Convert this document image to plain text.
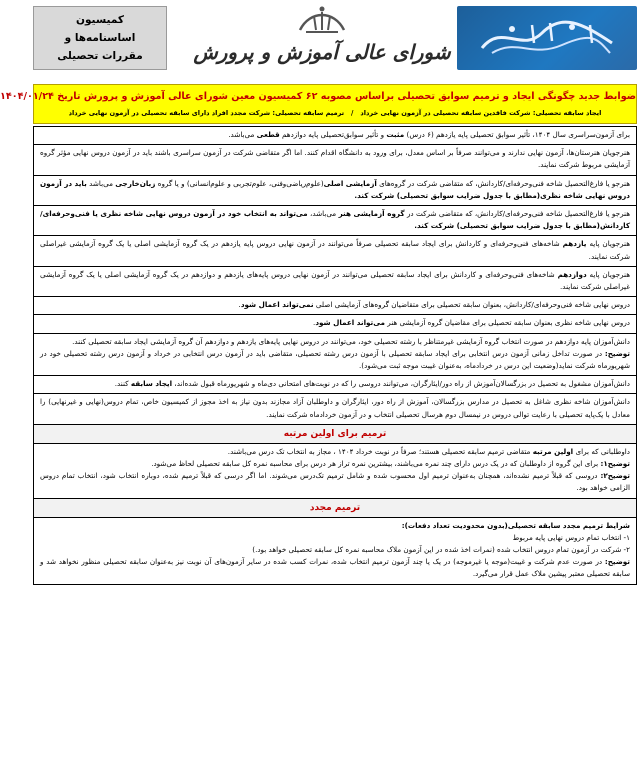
شورای عالی آموزش و پرورش
کمیسیون
اساسنامه‌ها و
مقررات تحصیلی
ضوابط جدید چگونگی ایجاد و ترمیم سوابق تحصیلی براساس مصوبه ۶۲ کمیسیون معین شورای عالی آموزش و پرورش تاریخ ۱۴۰۴/۰۱/۲۴
ایجاد سابقه تحصیلی: شرکت فاقدین سابقه تحصیلی در آزمون نهایی خرداد   /   ترمیم سابقه تحصیلی: شرکت مجدد افراد دارای سابقه تحصیلی در آزمون نهایی خرداد
برای آزمون‌سراسری سال ۱۴۰۴، تأثیر سوابق تحصیلی پایه یازدهم (۶ درس) مثبت و تأثیر سوابق‌تحصیلی پایه دوازدهم قطعی می‌باشد.
هنرجویان هنرستان‌ها، آزمون نهایی ندارند و می‌توانند صرفاً بر اساس معدل، برای ورود به دانشگاه اقدام کنند. اما اگر متقاضی شرکت در آزمون سراسری باشند باید در آزمون دروس نهایی مؤثر گروه آزمایشی مربوط شرکت نمایند.
هنرجو یا فارغ‌التحصیل شاخه فنی‌وحرفه‌ای/کاردانش، که متقاضی شرکت در گروه‌های آزمایشی اصلی(علوم‌ریاضی‌وفنی، علوم‌تجربی و علوم‌انسانی) و یا گروه زبان‌خارجی می‌باشد باید در آزمون دروس نهایی شاخه نظری(مطابق با جدول ضرایب سوابق تحصیلی) شرکت کند.
هنرجو یا فارغ‌التحصیل شاخه فنی‌وحرفه‌ای/کاردانش، که متقاضی شرکت در گروه آزمایشی هنر می‌باشد، می‌تواند به انتخاب خود در آزمون دروس نهایی شاخه نظری یا فنی‌وحرفه‌ای/کاردانش(مطابق با جدول ضرایب سوابق تحصیلی) شرکت کند.
هنرجویان پایه یازدهم شاخه‌های فنی‌وحرفه‌ای و کاردانش برای ایجاد سابقه تحصیلی صرفاً می‌توانند در آزمون نهایی دروس پایه یازدهم در یک گروه آزمایشی اصلی یا یک گروه آزمایشی غیراصلی شرکت نمایند.
هنرجویان پایه دوازدهم شاخه‌های فنی‌وحرفه‌ای و کاردانش برای ایجاد سابقه تحصیلی می‌توانند در آزمون نهایی دروس پایه‌های یازدهم و دوازدهم در یک گروه آزمایشی اصلی یا یک گروه آزمایشی غیراصلی شرکت نمایند.
دروس نهایی شاخه فنی‌وحرفه‌ای/کاردانش، بعنوان سابقه تحصیلی برای متقاضیان گروه‌های آزمایشی اصلی نمی‌تواند اعمال شود.
دروس نهایی شاخه نظری بعنوان سابقه تحصیلی برای مقاضیان گروه آزمایشی هنر می‌تواند اعمال شود.
دانش‌آموزان پایه دوازدهم در صورت انتخاب گروه آزمایشی غیرمتناظر با رشته تحصیلی خود، می‌توانند در دروس نهایی پایه‌های یازدهم و دوازدهم آن گروه آزمایشی ایجاد سابقه تحصیلی کنند.
توضیح: در صورت تداخل زمانی آزمون درس انتخابی برای ایجاد سابقه تحصیلی با آزمون درس رشته تحصیلی، متقاضی باید در آزمون درس انتخابی در خرداد و آزمون درس رشته تحصیلی خود در شهریورماه شرکت نماید(وضعیت این درس در خردادماه، به‌عنوان غیبت موجه ثبت می‌شود).
دانش‌آموزان مشغول به تحصیل در بزرگسالان‌آموزش از راه دور/ایثارگران، می‌توانند دروسی را که در نوبت‌های امتحانی دی‌ماه و شهریورماه قبول شده‌اند، ایجاد سابقه کنند.
دانش‌آموزان شاخه نظری شاغل به تحصیل در مدارس بزرگسالان، آموزش از راه دور، ایثارگران و داوطلبان آزاد مجازند بدون نیاز به اخذ مجوز از کمیسیون خاص، تمام دروس(نهایی و غیرنهایی) را معادل با یک‌پایه تحصیلی با رعایت توالی دروس در نیمسال دوم هرسال تحصیلی انتخاب و در آزمون خردادماه شرکت نمایند.
ترمیم برای اولین مرتبه
داوطلبانی که برای اولین مرتبه متقاضی ترمیم سابقه تحصیلی هستند؛ صرفاً در نوبت خرداد ۱۴۰۴ ، مجاز به انتخاب تک درس می‌باشند.
توضیح۱: برای این گروه از داوطلبان که در یک درس دارای چند نمره می‌باشند، بیشترین نمره تراز هر درس برای محاسبه نمره کل سابقه تحصیلی لحاظ می‌شود.
توضیح۲: دروسی که قبلاً ترمیم نشده‌اند، همچنان به‌عنوان ترمیم اول محسوب شده و شامل ترمیم تک‌درس می‌شوند. اما اگر درسی که قبلاً ترمیم شده، دوباره انتخاب شود، انتخاب تمام دروس الزامی خواهد بود.
ترمیم مجدد
شرایط ترمیم مجدد سابقه تحصیلی(بدون محدودیت تعداد دفعات):
۱- انتخاب تمام دروس نهایی پایه مربوط
۲- شرکت در آزمون تمام دروس انتخاب شده (نمرات اخذ شده در این آزمون ملاک محاسبه نمره کل سابقه تحصیلی خواهد بود.)
توضیح: در صورت عدم شرکت و غیبت(موجه یا غیرموجه) در یک یا چند آزمون ترمیم انتخاب شده، نمرات کسب شده در سایر آزمون‌های آن نوبت نیز به‌عنوان سابقه تحصیلی منظور نخواهد شد و سابقه تحصیلی معتبر پیشین ملاک عمل قرار می‌گیرد.
